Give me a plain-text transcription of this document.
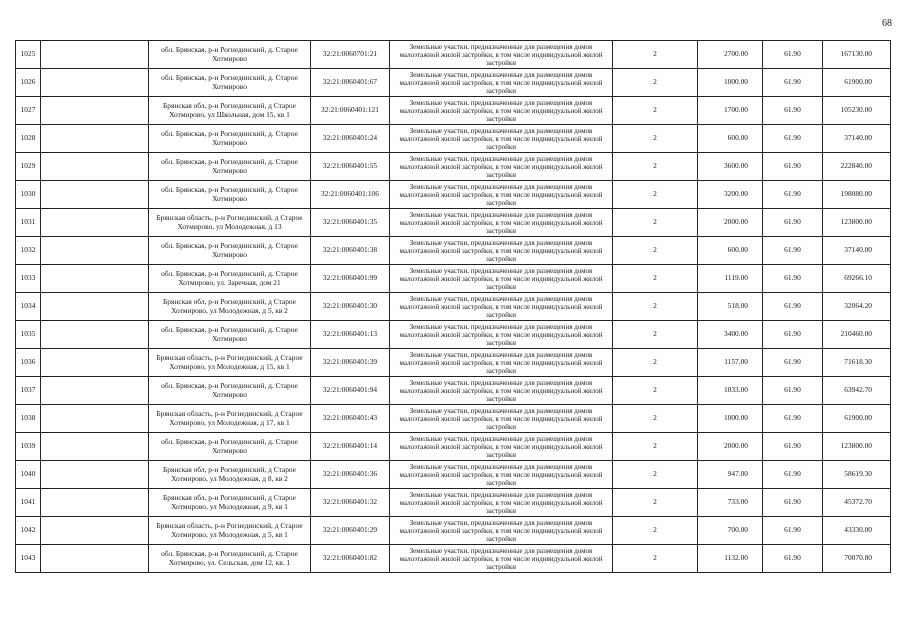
68
1025		обл. Брянская, р-н Рогнединский, д. Старое Хотмирово	32:21:0060701:21	Земельные участки, предназначенные для размещения домов малоэтажной жилой застройки, в том числе индивидуальной жилой застройки	2	2700.00	61.90	167130.00
1026		обл. Брянская, р-н Рогнединский, д. Старое Хотмирово	32:21:0060401:67	Земельные участки, предназначенные для размещения домов малоэтажной жилой застройки, в том числе индивидуальной жилой застройки	2	1000.00	61.90	61900.00
1027		Брянская обл, р-н Рогнединский, д Старое Хотмирово, ул Школьная, дом 15, кв 1	32:21:0060401:121	Земельные участки, предназначенные для размещения домов малоэтажной жилой застройки, в том числе индивидуальной жилой застройки	2	1700.00	61.90	105230.00
1028		обл. Брянская, р-н Рогнединский, д. Старое Хотмирово	32:21:0060401:24	Земельные участки, предназначенные для размещения домов малоэтажной жилой застройки, в том числе индивидуальной жилой застройки	2	600.00	61.90	37140.00
1029		обл. Брянская, р-н Рогнединский, д. Старое Хотмирово	32:21:0060401:55	Земельные участки, предназначенные для размещения домов малоэтажной жилой застройки, в том числе индивидуальной жилой застройки	2	3600.00	61.90	222840.00
1030		обл. Брянская, р-н Рогнединский, д. Старое Хотмирово	32:21:0060401:106	Земельные участки, предназначенные для размещения домов малоэтажной жилой застройки, в том числе индивидуальной жилой застройки	2	3200.00	61.90	198080.00
1031		Брянская область, р-н Рогнединский, д Старое Хотмирово, ул Молодежная, д 13	32:21:0060401:35	Земельные участки, предназначенные для размещения домов малоэтажной жилой застройки, в том числе индивидуальной жилой застройки	2	2000.00	61.90	123800.00
1032		обл. Брянская, р-н Рогнединский, д. Старое Хотмирово	32:21:0060401:38	Земельные участки, предназначенные для размещения домов малоэтажной жилой застройки, в том числе индивидуальной жилой застройки	2	600.00	61.90	37140.00
1033		обл. Брянская, р-н Рогнединский, д. Старое Хотмирово, ул. Заречная, дом 21	32:21:0060401:99	Земельные участки, предназначенные для размещения домов малоэтажной жилой застройки, в том числе индивидуальной жилой застройки	2	1119.00	61.90	69266.10
1034		Брянская обл, р-н Рогнединский, д Старое Хотмирово, ул Молодежная, д 5, кв 2	32:21:0060401:30	Земельные участки, предназначенные для размещения домов малоэтажной жилой застройки, в том числе индивидуальной жилой застройки	2	518.00	61.90	32064.20
1035		обл. Брянская, р-н Рогнединский, д. Старое Хотмирово	32:21:0060401:13	Земельные участки, предназначенные для размещения домов малоэтажной жилой застройки, в том числе индивидуальной жилой застройки	2	3400.00	61.90	210460.00
1036		Брянская область, р-н Рогнединский, д Старое Хотмирово, ул Молодежная, д 15, кв 1	32:21:0060401:39	Земельные участки, предназначенные для размещения домов малоэтажной жилой застройки, в том числе индивидуальной жилой застройки	2	1157.00	61.90	71618.30
1037		обл. Брянская, р-н Рогнединский, д. Старое Хотмирово	32:21:0060401:94	Земельные участки, предназначенные для размещения домов малоэтажной жилой застройки, в том числе индивидуальной жилой застройки	2	1033.00	61.90	63942.70
1038		Брянская область, р-н Рогнединский, д Старое Хотмирово, ул Молодежная, д 17, кв 1	32:21:0060401:43	Земельные участки, предназначенные для размещения домов малоэтажной жилой застройки, в том числе индивидуальной жилой застройки	2	1000.00	61.90	61900.00
1039		обл. Брянская, р-н Рогнединский, д. Старое Хотмирово	32:21:0060401:14	Земельные участки, предназначенные для размещения домов малоэтажной жилой застройки, в том числе индивидуальной жилой застройки	2	2000.00	61.90	123800.00
1040		Брянская обл, р-н Рогнединский, д Старое Хотмирово, ул Молодежная, д 8, кв 2	32:21:0060401:36	Земельные участки, предназначенные для размещения домов малоэтажной жилой застройки, в том числе индивидуальной жилой застройки	2	947.00	61.90	58619.30
1041		Брянская обл, р-н Рогнединский, д Старое Хотмирово, ул Молодежная, д 9, кв 1	32:21:0060401:32	Земельные участки, предназначенные для размещения домов малоэтажной жилой застройки, в том числе индивидуальной жилой застройки	2	733.00	61.90	45372.70
1042		Брянская область, р-н Рогнединский, д Старое Хотмирово, ул Молодежная, д 5, кв 1	32:21:0060401:29	Земельные участки, предназначенные для размещения домов малоэтажной жилой застройки, в том числе индивидуальной жилой застройки	2	700.00	61.90	43330.00
1043		обл. Брянская, р-н Рогнединский, д. Старое Хотмирово, ул. Сельская, дом 12, кв. 1	32:21:0060401:82	Земельные участки, предназначенные для размещения домов малоэтажной жилой застройки, в том числе индивидуальной жилой застройки	2	1132.00	61.90	70070.80
